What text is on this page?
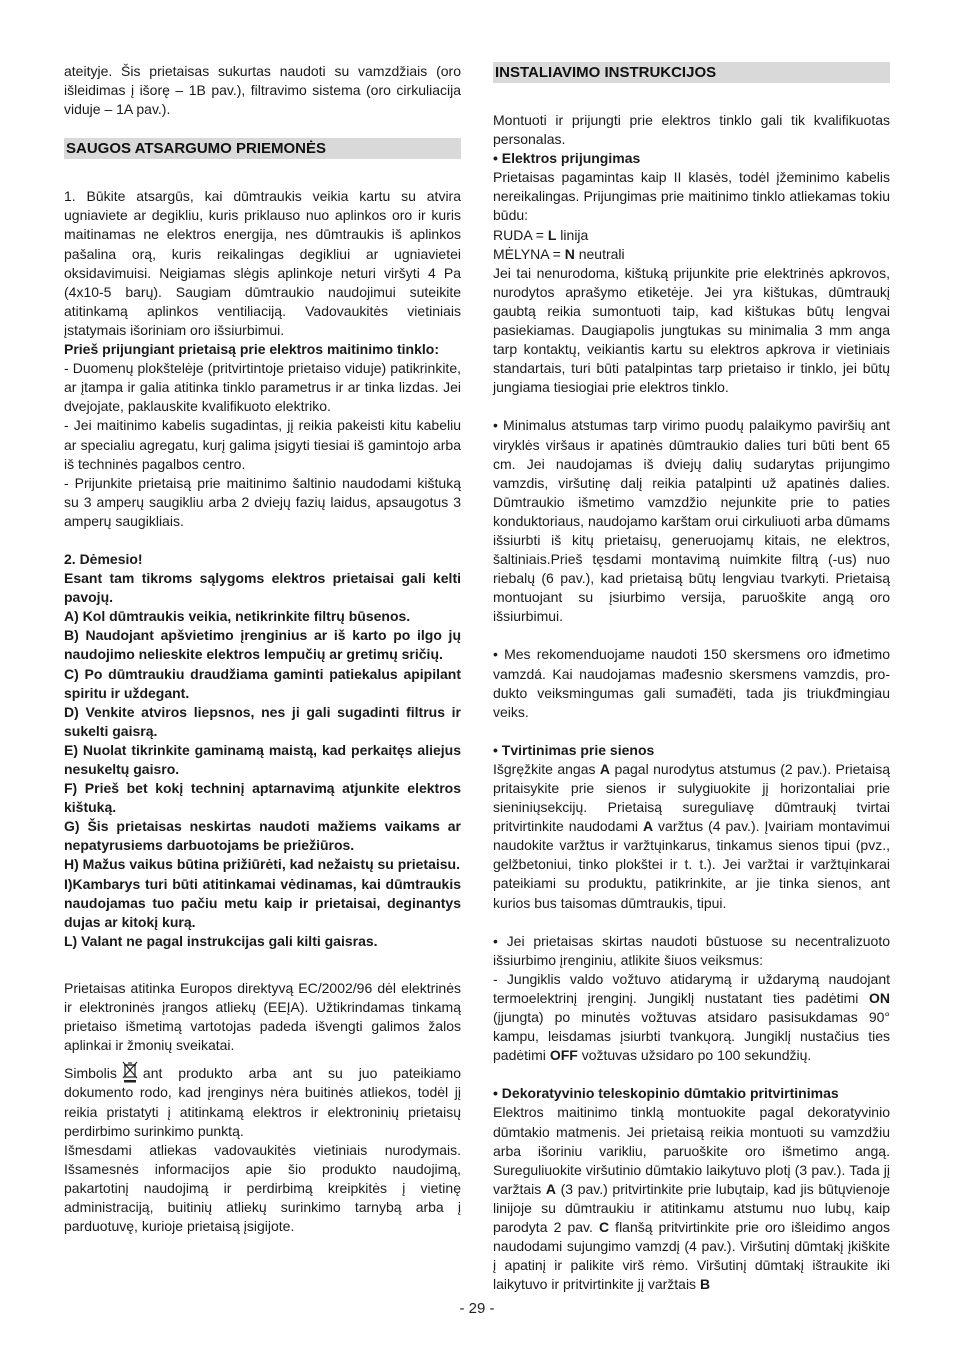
ateityje. Šis prietaisas sukurtas naudoti su vamzdžiais (oro išleidimas į išorę – 1B pav.), filtravimo sistema (oro cirkuliacija viduje – 1A pav.).

SAUGOS ATSARGUMO PRIEMONĖS

1. Būkite atsargūs, kai dūmtraukis veikia kartu su atvira ugniaviete ar degikliu, kuris priklauso nuo aplinkos oro ir kuris maitinamas ne elektros energija, nes dūmtraukis iš aplinkos pašalina orą, kuris reikalingas degikliui ar ugniavietei oksidavimuisi. Neigiamas slėgis aplinkoje neturi viršyti 4 Pa (4x10-5 barų). Saugiam dūmtraukio naudojimui suteikite atitinkamą aplinkos ventiliaciją. Vadovaukitės vietiniais įstatymais išoriniam oro išsiurbimui.

Prieš prijungiant prietaisą prie elektros maitinimo tinklo:

- Duomenų plokštelėje (pritvirtintoje prietaiso viduje) patikrinkite, ar įtampa ir galia atitinka tinklo parametrus ir ar tinka lizdas. Jei dvejojate, paklauskite kvalifikuoto elektriko.

- Jei maitinimo kabelis sugadintas, jį reikia pakeisti kitu kabeliu ar specialiu agregatu, kurį galima įsigyti tiesiai iš gamintojo arba iš techninės pagalbos centro.

- Prijunkite prietaisą prie maitinimo šaltinio naudodami kištuką su 3 amperų saugikliu arba 2 dviejų fazių laidus, apsaugotus 3 amperų saugikliais.

2. Dėmesio!

Esant tam tikroms sąlygoms elektros prietaisai gali kelti pavojų.

A) Kol dūmtraukis veikia, netikrinkite filtrų būsenos.

B) Naudojant apšvietimo įrenginius ar iš karto po ilgo jų naudojimo nelieskite elektros lempučių ar gretimų sričių.

C) Po dūmtraukiu draudžiama gaminti patiekalus apipilant spiritu ir uždegant.

D) Venkite atviros liepsnos, nes ji gali sugadinti filtrus ir sukelti gaisrą.

E) Nuolat tikrinkite gaminamą maistą, kad perkaitęs aliejus nesukeltų gaisro.

F) Prieš bet kokį techninį aptarnavimą atjunkite elektros kištuką.

G) Šis prietaisas neskirtas naudoti mažiems vaikams ar nepatyrusiems darbuotojams be priežiūros.

H) Mažus vaikus būtina prižiūrėti, kad nežaistų su prietaisu.

I)Kambarys turi būti atitinkamai vėdinamas, kai dūmtraukis naudojamas tuo pačiu metu kaip ir prietaisai, deginantys dujas ar kitokį kurą.

L) Valant ne pagal instrukcijas gali kilti gaisras.

Prietaisas atitinka Europos direktyvą EC/2002/96 dėl elektrinės ir elektroninės įrangos atliekų (EEĮA). Užtikrindamas tinkamą prietaiso išmetimą vartotojas padeda išvengti galimos žalos aplinkai ir žmonių sveikatai.

Simbolis ant produkto arba ant su juo pateikiamo dokumento rodo, kad įrenginys nėra buitinės atliekos, todėl jį reikia pristatyti į atitinkamą elektros ir elektroninių prietaisų perdirbimo surinkimo punktą.

Išmesdami atliekas vadovaukitės vietiniais nurodymais. Išsamesnės informacijos apie šio produkto naudojimą, pakartotinį naudojimą ir perdirbimą kreipkitės į vietinę administraciją, buitinių atliekų surinkimo tarnybą arba į parduotuvę, kurioje prietaisą įsigijote.

INSTALIAVIMO INSTRUKCIJOS

Montuoti ir prijungti prie elektros tinklo gali tik kvalifikuotas personalas.

• Elektros prijungimas

Prietaisas pagamintas kaip II klasės, todėl įžeminimo kabelis nereikalingas. Prijungimas prie maitinimo tinklo atliekamas tokiu būdu:

RUDA = L linija

MĖLYNA = N neutrali

Jei tai nenurodoma, kištuką prijunkite prie elektrinės apkrovos, nurodytos aprašymo etiketėje. Jei yra kištukas, dūmtraukį gaubtą reikia sumontuoti taip, kad kištukas būtų lengvai pasiekiamas. Daugiapolis jungtukas su minimalia 3 mm anga tarp kontaktų, veikiantis kartu su elektros apkrova ir vietiniais standartais, turi būti patalpintas tarp prietaiso ir tinklo, jei būtų jungiama tiesiogiai prie elektros tinklo.

• Minimalus atstumas tarp virimo puodų palaikymo paviršių ant viryklės viršaus ir apatinės dūmtraukio dalies turi būti bent 65 cm. Jei naudojamas iš dviejų dalių sudarytas prijungimo vamzdis, viršutinę dalį reikia patalpinti už apatinės dalies. Dūmtraukio išmetimo vamzdžio nejunkite prie to paties konduktoriaus, naudojamo karštam orui cirkuliuoti arba dūmams išsiurbti iš kitų prietaisų, generuojamų kitais, ne elektros, šaltiniais.Prieš tęsdami montavimą nuimkite filtrą (-us) nuo riebalų (6 pav.), kad prietaisą būtų lengviau tvarkyti. Prietaisą montuojant su įsiurbimo versija, paruoškite angą oro išsiurbimui.

• Mes rekomenduojame naudoti 150 skersmens oro iđmetimo vamzdá. Kai naudojamas mađesnio skersmens vamzdis, pro-dukto veiksmingumas gali sumađëti, tada jis triukđmingiau veiks.

• Tvirtinimas prie sienos

Išgręžkite angas A pagal nurodytus atstumus (2 pav.). Prietaisą pritaisykite prie sienos ir sulygiuokite jį horizontaliai prie sieniniųsekcijų. Prietaisą sureguliavę dūmtraukį tvirtai pritvirtinkite naudodami A varžtus (4 pav.). Įvairiam montavimui naudokite varžtus ir varžtųinkarus, tinkamus sienos tipui (pvz., gelžbetoniui, tinko plokštei ir t. t.). Jei varžtai ir varžtųinkarai pateikiami su produktu, patikrinkite, ar jie tinka sienos, ant kurios bus taisomas dūmtraukis, tipui.

• Jei prietaisas skirtas naudoti būstuose su necentralizuoto išsiurbimo įrenginiu, atlikite šiuos veiksmus:

- Jungiklis valdo vožtuvo atidarymą ir uždarymą naudojant termoelektrinį įrenginį. Jungiklį nustatant ties padėtimi ON (įjungta) po minutės vožtuvas atsidaro pasisukdamas 90° kampu, leisdamas įsiurbti tvankųorą. Jungiklį nustačius ties padėtimi OFF vožtuvas užsidaro po 100 sekundžių.

• Dekoratyvinio teleskopinio dūmtakio pritvirtinimas

Elektros maitinimo tinklą montuokite pagal dekoratyvinio dūmtakio matmenis. Jei prietaisą reikia montuoti su vamzdžiu arba išoriniu varikliu, paruoškite oro išmetimo angą. Sureguliuokite viršutinio dūmtakio laikytuvo plotį (3 pav.). Tada jį varžtais A (3 pav.) pritvirtinkite prie lubųtaip, kad jis būtųvienoje linijoje su dūmtraukiu ir atitinkamu atstumu nuo lubų, kaip parodyta 2 pav. C flanšą pritvirtinkite prie oro išleidimo angos naudodami sujungimo vamzdį (4 pav.). Viršutinį dūmtakį įkiškite į apatinį ir palikite virš rėmo. Viršutinį dūmtakį ištraukite iki laikytuvo ir pritvirtinkite jį varžtais B

- 29 -
